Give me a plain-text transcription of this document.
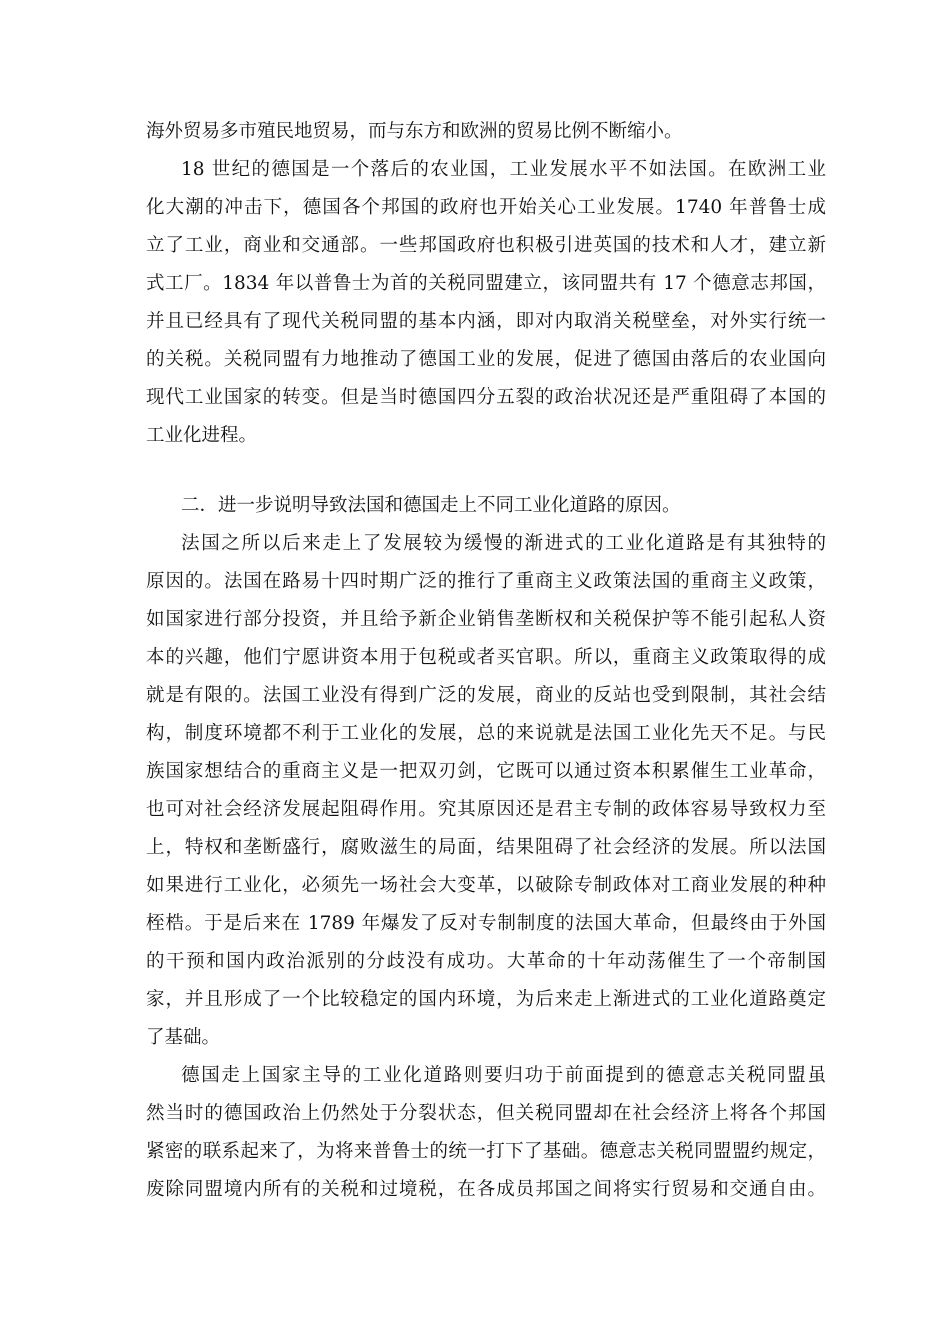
海外贸易多市殖民地贸易，而与东方和欧洲的贸易比例不断缩小。
18 世纪的德国是一个落后的农业国，工业发展水平不如法国。在欧洲工业
化大潮的冲击下，德国各个邦国的政府也开始关心工业发展。1740 年普鲁士成
立了工业，商业和交通部。一些邦国政府也积极引进英国的技术和人才，建立新
式工厂。1834 年以普鲁士为首的关税同盟建立，该同盟共有 17 个德意志邦国，
并且已经具有了现代关税同盟的基本内涵，即对内取消关税壁垒，对外实行统一
的关税。关税同盟有力地推动了德国工业的发展，促进了德国由落后的农业国向
现代工业国家的转变。但是当时德国四分五裂的政治状况还是严重阻碍了本国的
工业化进程。
二．进一步说明导致法国和德国走上不同工业化道路的原因。
法国之所以后来走上了发展较为缓慢的渐进式的工业化道路是有其独特的
原因的。法国在路易十四时期广泛的推行了重商主义政策法国的重商主义政策，
如国家进行部分投资，并且给予新企业销售垄断权和关税保护等不能引起私人资
本的兴趣，他们宁愿讲资本用于包税或者买官职。所以，重商主义政策取得的成
就是有限的。法国工业没有得到广泛的发展，商业的反站也受到限制，其社会结
构，制度环境都不利于工业化的发展，总的来说就是法国工业化先天不足。与民
族国家想结合的重商主义是一把双刃剑，它既可以通过资本积累催生工业革命，
也可对社会经济发展起阻碍作用。究其原因还是君主专制的政体容易导致权力至
上，特权和垄断盛行，腐败滋生的局面，结果阻碍了社会经济的发展。所以法国
如果进行工业化，必须先一场社会大变革，以破除专制政体对工商业发展的种种
桎梏。于是后来在 1789 年爆发了反对专制制度的法国大革命，但最终由于外国
的干预和国内政治派别的分歧没有成功。大革命的十年动荡催生了一个帝制国
家，并且形成了一个比较稳定的国内环境，为后来走上渐进式的工业化道路奠定
了基础。
德国走上国家主导的工业化道路则要归功于前面提到的德意志关税同盟虽
然当时的德国政治上仍然处于分裂状态，但关税同盟却在社会经济上将各个邦国
紧密的联系起来了，为将来普鲁士的统一打下了基础。德意志关税同盟盟约规定，
废除同盟境内所有的关税和过境税，在各成员邦国之间将实行贸易和交通自由。
